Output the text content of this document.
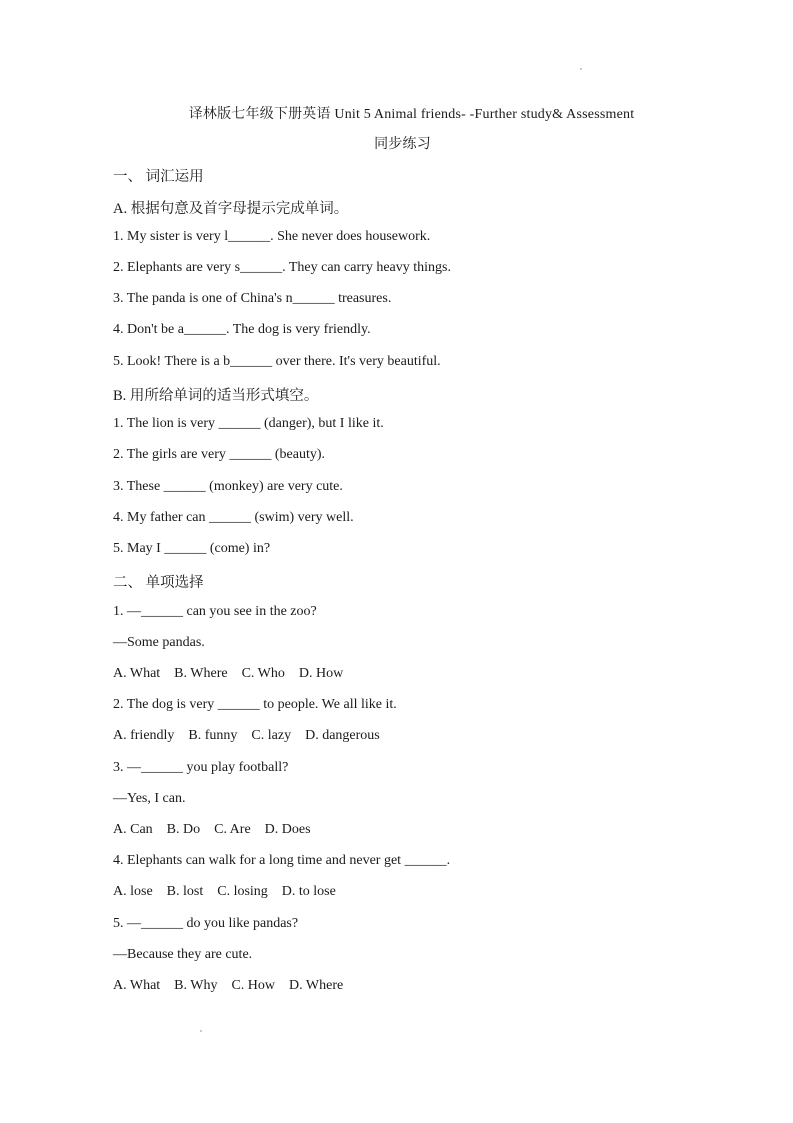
译林版七年级下册英语 Unit 5 Animal friends- -Further study& Assessment
同步练习
一、 词汇运用
A. 根据句意及首字母提示完成单词。
1. My sister is very l______. She never does housework.
2. Elephants are very s______. They can carry heavy things.
3. The panda is one of China's n______ treasures.
4. Don't be a______. The dog is very friendly.
5. Look! There is a b______ over there. It's very beautiful.
B. 用所给单词的适当形式填空。
1. The lion is very ______ (danger), but I like it.
2. The girls are very ______ (beauty).
3. These ______ (monkey) are very cute.
4. My father can ______ (swim) very well.
5. May I ______ (come) in?
二、 单项选择
1. —______ can you see in the zoo?
—Some pandas.
A. What    B. Where    C. Who    D. How
2. The dog is very ______ to people. We all like it.
A. friendly    B. funny    C. lazy    D. dangerous
3. —______ you play football?
—Yes, I can.
A. Can    B. Do    C. Are    D. Does
4. Elephants can walk for a long time and never get ______.
A. lose    B. lost    C. losing    D. to lose
5. —______ do you like pandas?
—Because they are cute.
A. What    B. Why    C. How    D. Where
